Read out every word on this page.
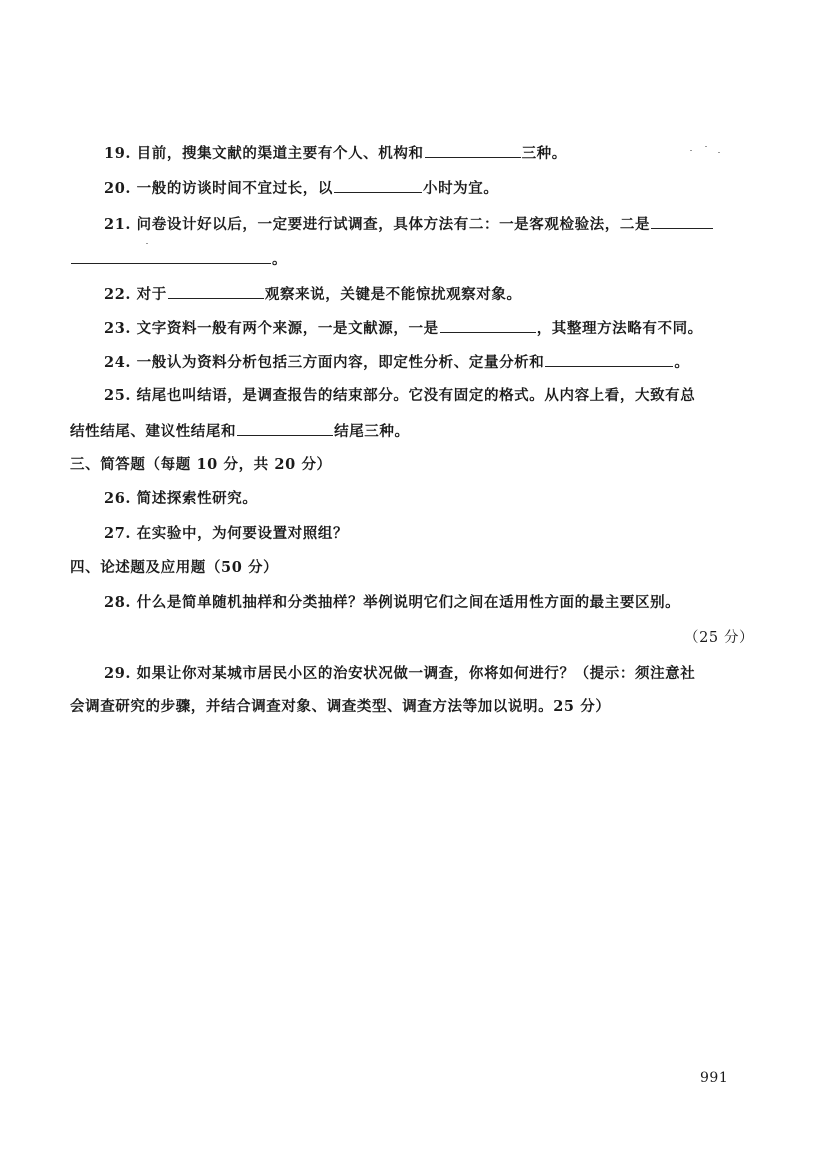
19. 目前，搜集文献的渠道主要有个人、机构和	三种。
20. 一般的访谈时间不宜过长，以	小时为宜。
21. 问卷设计好以后，一定要进行试调查，具体方法有二：一是客观检验法，二是
。
22. 对于	观察来说，关键是不能惊扰观察对象。
23. 文字资料一般有两个来源，一是文献源，一是	，其整理方法略有不同。
24. 一般认为资料分析包括三方面内容，即定性分析、定量分析和	。
25. 结尾也叫结语，是调查报告的结束部分。它没有固定的格式。从内容上看，大致有总
结性结尾、建议性结尾和	结尾三种。
三、简答题（每题 10 分，共 20 分）
26. 简述探索性研究。
27. 在实验中，为何要设置对照组？
四、论述题及应用题（50 分）
28. 什么是简单随机抽样和分类抽样？举例说明它们之间在适用性方面的最主要区别。
（25 分）
29. 如果让你对某城市居民小区的治安状况做一调查，你将如何进行？（提示：须注意社
会调查研究的步骤，并结合调查对象、调查类型、调查方法等加以说明。25 分）
991
